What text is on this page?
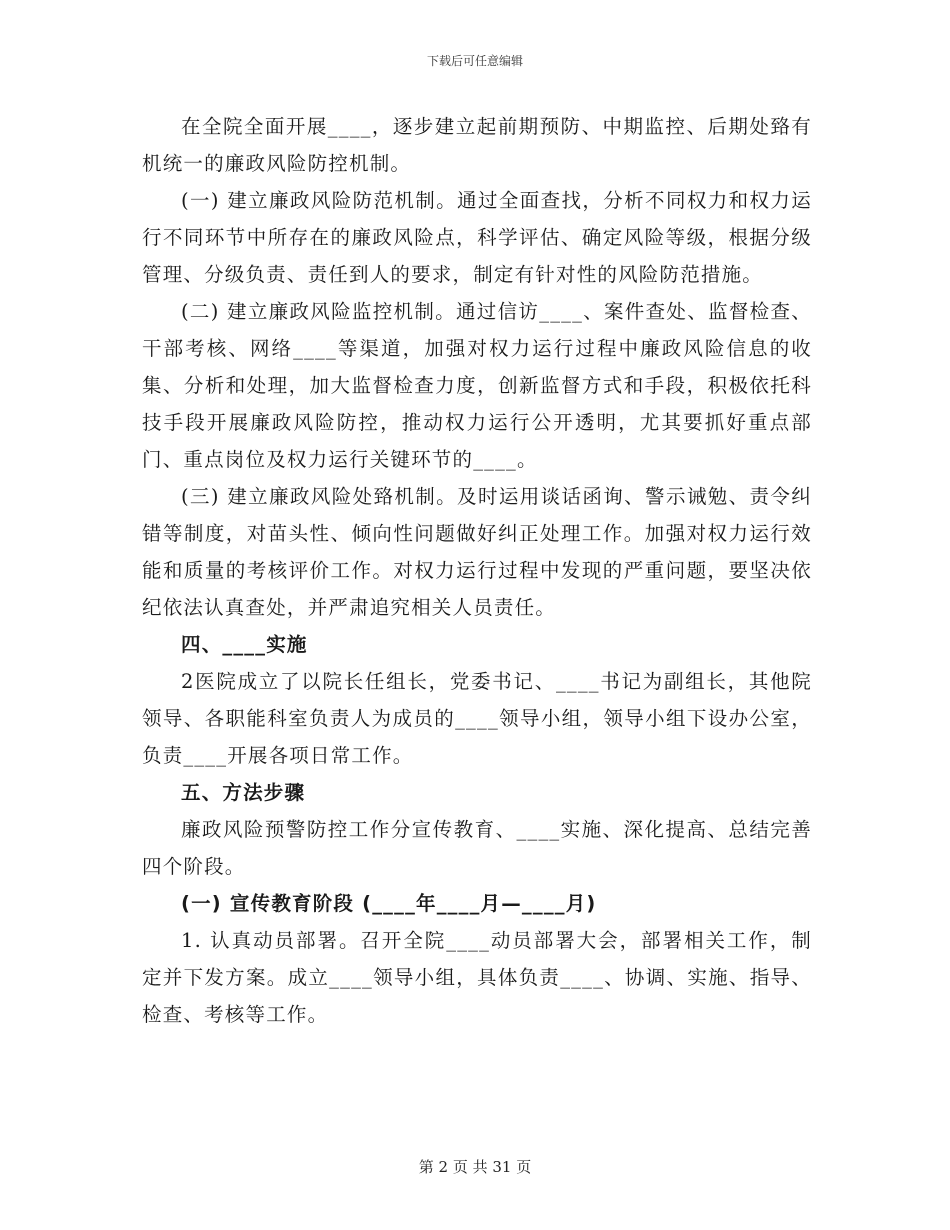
下载后可任意编辑

在全院全面开展____，逐步建立起前期预防、中期监控、后期处臵有机统一的廉政风险防控机制。

(一) 建立廉政风险防范机制。通过全面查找，分析不同权力和权力运行不同环节中所存在的廉政风险点，科学评估、确定风险等级，根据分级管理、分级负责、责任到人的要求，制定有针对性的风险防范措施。

(二) 建立廉政风险监控机制。通过信访____、案件查处、监督检查、干部考核、网络____等渠道，加强对权力运行过程中廉政风险信息的收集、分析和处理，加大监督检查力度，创新监督方式和手段，积极依托科技手段开展廉政风险防控，推动权力运行公开透明，尤其要抓好重点部门、重点岗位及权力运行关键环节的____。

(三) 建立廉政风险处臵机制。及时运用谈话函询、警示诫勉、责令纠错等制度，对苗头性、倾向性问题做好纠正处理工作。加强对权力运行效能和质量的考核评价工作。对权力运行过程中发现的严重问题，要坚决依纪依法认真查处，并严肃追究相关人员责任。

四、____实施

2医院成立了以院长任组长，党委书记、____书记为副组长，其他院领导、各职能科室负责人为成员的____领导小组，领导小组下设办公室，负责____开展各项日常工作。

五、方法步骤

廉政风险预警防控工作分宣传教育、____实施、深化提高、总结完善四个阶段。

(一) 宣传教育阶段 (____年____月—____月)

1. 认真动员部署。召开全院____动员部署大会，部署相关工作，制定并下发方案。成立____领导小组，具体负责____、协调、实施、指导、检查、考核等工作。

第 2 页 共 31 页
